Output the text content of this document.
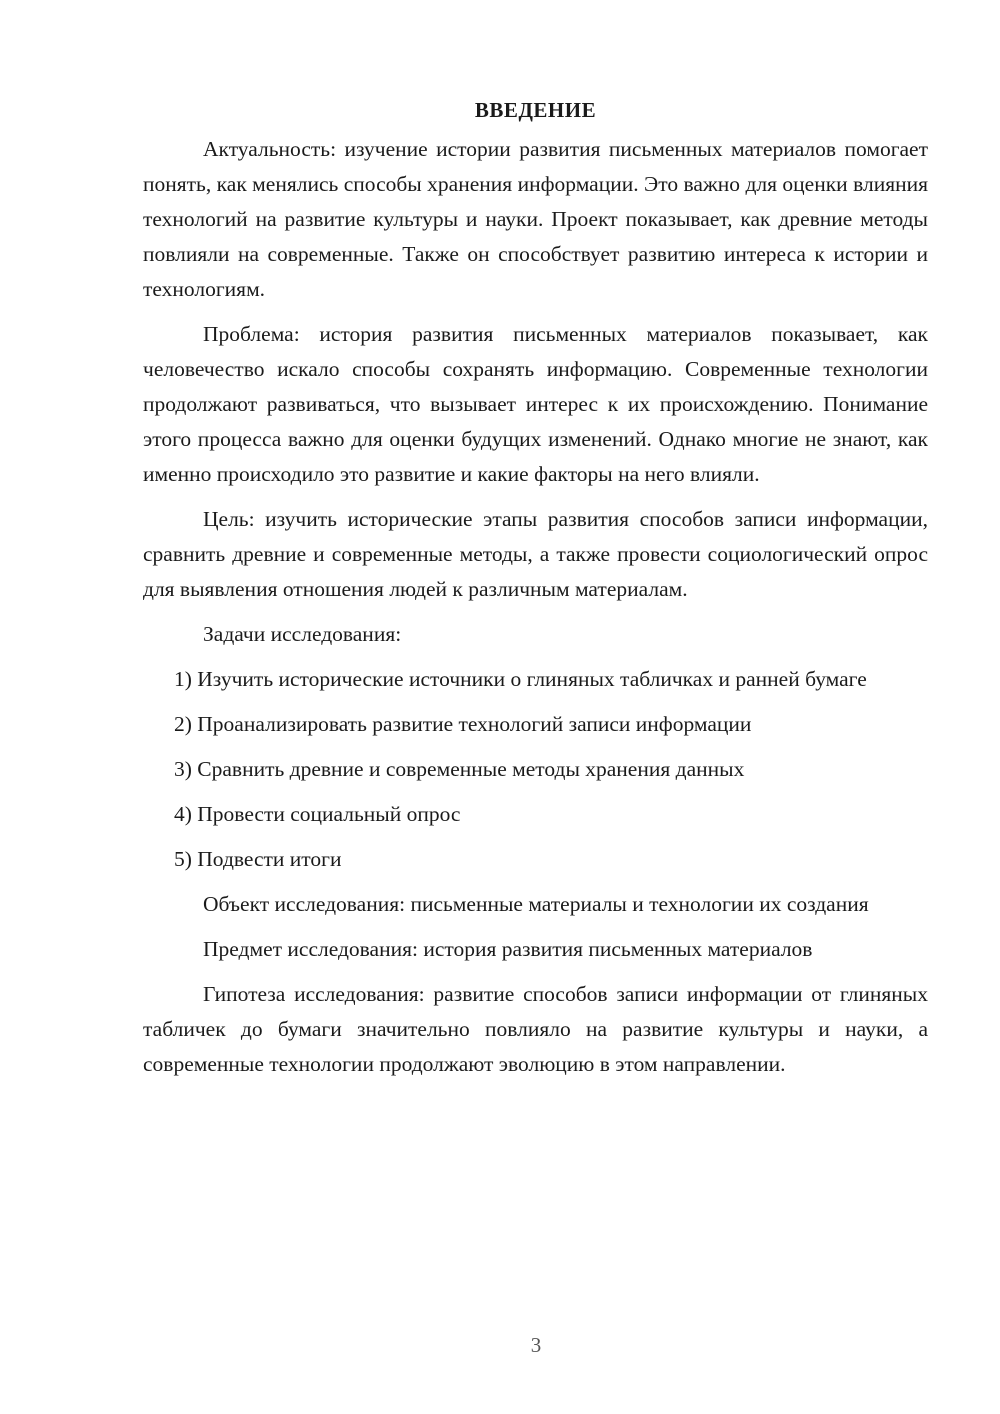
ВВЕДЕНИЕ

Актуальность: изучение истории развития письменных материалов помогает понять, как менялись способы хранения информации. Это важно для оценки влияния технологий на развитие культуры и науки. Проект показывает, как древние методы повлияли на современные. Также он способствует развитию интереса к истории и технологиям.

Проблема: история развития письменных материалов показывает, как человечество искало способы сохранять информацию. Современные технологии продолжают развиваться, что вызывает интерес к их происхождению. Понимание этого процесса важно для оценки будущих изменений. Однако многие не знают, как именно происходило это развитие и какие факторы на него влияли.

Цель: изучить исторические этапы развития способов записи информации, сравнить древние и современные методы, а также провести социологический опрос для выявления отношения людей к различным материалам.

Задачи исследования:

1) Изучить исторические источники о глиняных табличках и ранней бумаге

2) Проанализировать развитие технологий записи информации

3) Сравнить древние и современные методы хранения данных

4) Провести социальный опрос

5) Подвести итоги

Объект исследования: письменные материалы и технологии их создания

Предмет исследования: история развития письменных материалов

Гипотеза исследования: развитие способов записи информации от глиняных табличек до бумаги значительно повлияло на развитие культуры и науки, а современные технологии продолжают эволюцию в этом направлении.

3
